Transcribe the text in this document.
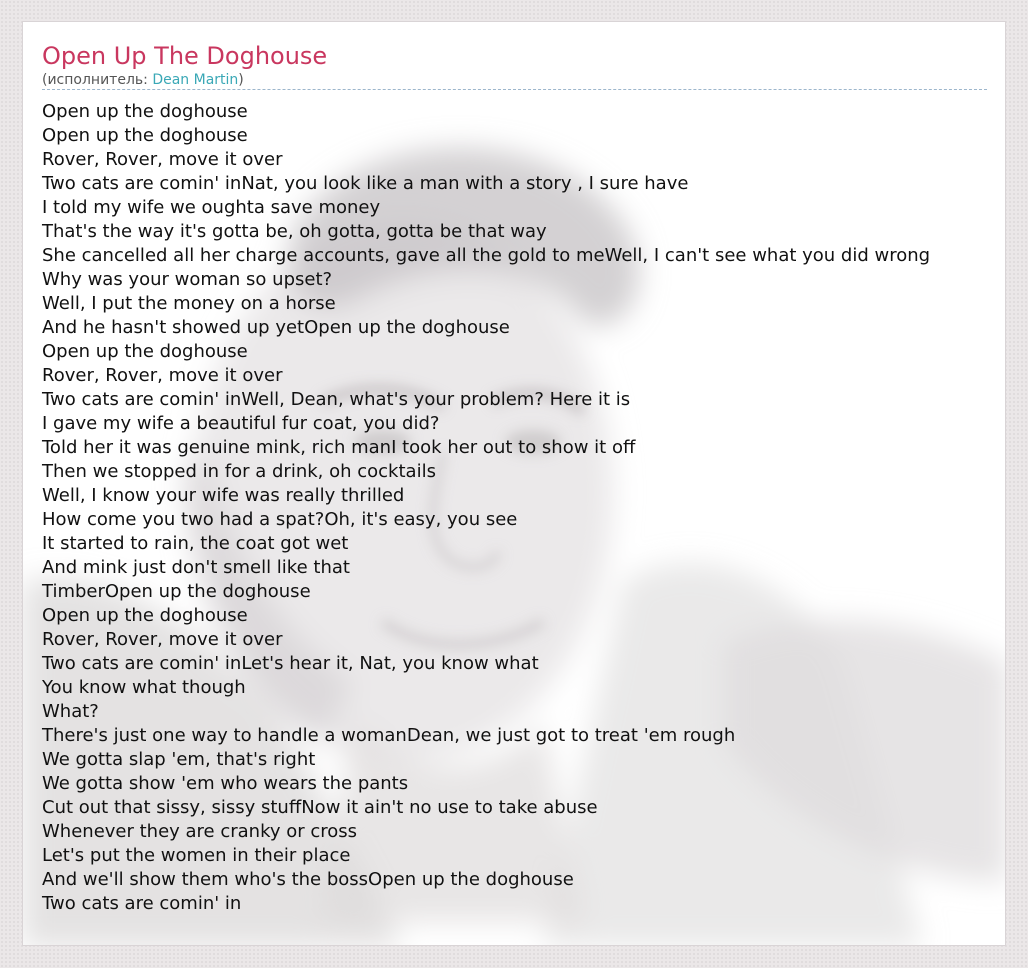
Open Up The Doghouse
(исполнитель: Dean Martin)
Open up the doghouse
Open up the doghouse
Rover, Rover, move it over
Two cats are comin' inNat, you look like a man with a story , I sure have
I told my wife we oughta save money
That's the way it's gotta be, oh gotta, gotta be that way
She cancelled all her charge accounts, gave all the gold to meWell, I can't see what you did wrong
Why was your woman so upset?
Well, I put the money on a horse
And he hasn't showed up yetOpen up the doghouse
Open up the doghouse
Rover, Rover, move it over
Two cats are comin' inWell, Dean, what's your problem? Here it is
I gave my wife a beautiful fur coat, you did?
Told her it was genuine mink, rich manI took her out to show it off
Then we stopped in for a drink, oh cocktails
Well, I know your wife was really thrilled
How come you two had a spat?Oh, it's easy, you see
It started to rain, the coat got wet
And mink just don't smell like that
TimberOpen up the doghouse
Open up the doghouse
Rover, Rover, move it over
Two cats are comin' inLet's hear it, Nat, you know what
You know what though
What?
There's just one way to handle a womanDean, we just got to treat 'em rough
We gotta slap 'em, that's right
We gotta show 'em who wears the pants
Cut out that sissy, sissy stuffNow it ain't no use to take abuse
Whenever they are cranky or cross
Let's put the women in their place
And we'll show them who's the bossOpen up the doghouse
Two cats are comin' in
